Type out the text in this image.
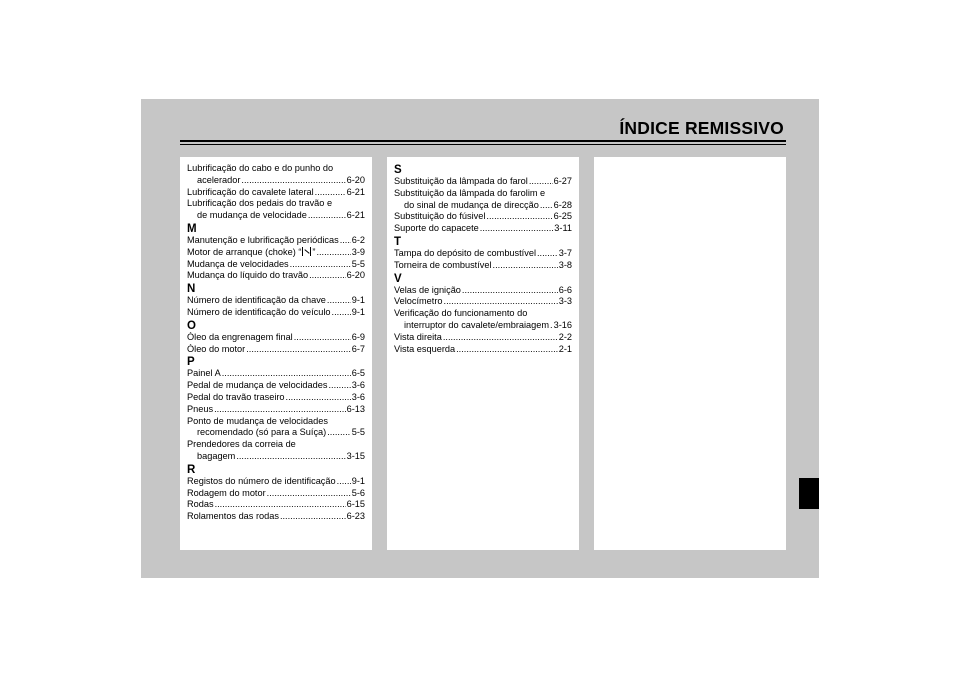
ÍNDICE REMISSIVO
Lubrificação do cabo e do punho do
acelerador .....	6-20
Lubrificação do cavalete lateral .....	6-21
Lubrificação dos pedais do travão e
de mudança de velocidade .....	6-21
M
Manutenção e lubrificação periódicas ..... 6-2
Motor de arranque (choke) “ ” .....	3-9
Mudança de velocidades .....	5-5
Mudança do líquido do travão .....	6-20
N
Número de identificação da chave .....	9-1
Número de identificação do veículo ..... 9-1
O
Óleo da engrenagem final .....	6-9
Óleo do motor .....	6-7
P
Painel A .....	6-5
Pedal de mudança de velocidades .....	3-6
Pedal do travão traseiro .....	3-6
Pneus .....	6-13
Ponto de mudança de velocidades
recomendado (só para a Suíça) .....	5-5
Prendedores da correia de
bagagem .....	3-15
R
Registos do número de identificação ..... 9-1
Rodagem do motor .....	5-6
Rodas .....	6-15
Rolamentos das rodas .....	6-23
S
Substituição da lâmpada do farol .....	6-27
Substituição da lâmpada do farolim e
do sinal de mudança de direcção ..... 6-28
Substituição do fúsivel .....	6-25
Suporte do capacete .....	3-11
T
Tampa do depósito de combustível ..... 3-7
Torneira de combustível .....	3-8
V
Velas de ignição .....	6-6
Velocímetro .....	3-3
Verificação do funcionamento do
interruptor do cavalete/embraiagem ..... 3-16
Vista direita .....	2-2
Vista esquerda .....	2-1
